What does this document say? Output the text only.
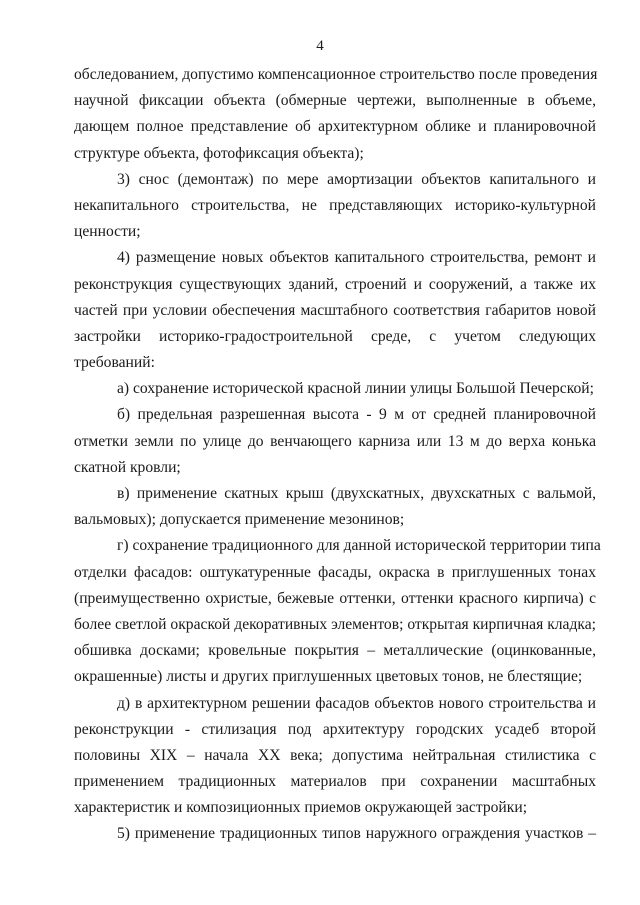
4
обследованием, допустимо компенсационное строительство после проведения
научной фиксации объекта (обмерные чертежи, выполненные в объеме,
дающем полное представление об архитектурном облике и планировочной
структуре объекта, фотофиксация объекта);
3) снос (демонтаж) по мере амортизации объектов капитального и
некапитального строительства, не представляющих историко-культурной
ценности;
4) размещение новых объектов капитального строительства, ремонт и
реконструкция существующих зданий, строений и сооружений, а также их
частей при условии обеспечения масштабного соответствия габаритов новой
застройки историко-градостроительной среде, с учетом следующих
требований:
а) сохранение исторической красной линии улицы Большой Печерской;
б) предельная разрешенная высота - 9 м от средней планировочной
отметки земли по улице до венчающего карниза или 13 м до верха конька
скатной кровли;
в) применение скатных крыш (двухскатных, двухскатных с вальмой,
вальмовых); допускается применение мезонинов;
г) сохранение традиционного для данной исторической территории типа
отделки фасадов: оштукатуренные фасады, окраска в приглушенных тонах
(преимущественно охристые, бежевые оттенки, оттенки красного кирпича) с
более светлой окраской декоративных элементов; открытая кирпичная кладка;
обшивка досками; кровельные покрытия – металлические (оцинкованные,
окрашенные) листы и других приглушенных цветовых тонов, не блестящие;
д) в архитектурном решении фасадов объектов нового строительства и
реконструкции - стилизация под архитектуру городских усадеб второй
половины XIX – начала XX века; допустима нейтральная стилистика с
применением традиционных материалов при сохранении масштабных
характеристик и композиционных приемов окружающей застройки;
5) применение традиционных типов наружного ограждения участков –
